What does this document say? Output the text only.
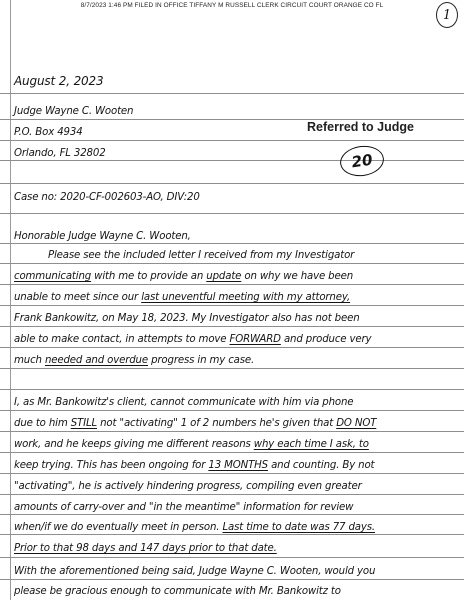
8/7/2023 1:46 PM FILED IN OFFICE TIFFANY M RUSSELL CLERK CIRCUIT COURT ORANGE CO FL
1
August 2, 2023
Judge Wayne C. Wooten
P.O. Box 4934
Orlando, FL 32802
Referred to Judge
20
Case no: 2020-CF-002603-AO, DIV:20
Honorable Judge Wayne C. Wooten,
Please see the included letter I received from my Investigator
communicating with me to provide an update on why we have been
unable to meet since our last uneventful meeting with my attorney,
Frank Bankowitz, on May 18, 2023. My Investigator also has not been
able to make contact, in attempts to move FORWARD and produce very
much needed and overdue progress in my case.
I, as Mr. Bankowitz's client, cannot communicate with him via phone
due to him STILL not "activating" 1 of 2 numbers he's given that DO NOT
work, and he keeps giving me different reasons why each time I ask, to
keep trying. This has been ongoing for 13 MONTHS and counting. By not
"activating", he is actively hindering progress, compiling even greater
amounts of carry-over and "in the meantime" information for review
when/if we do eventually meet in person. Last time to date was 77 days.
Prior to that 98 days and 147 days prior to that date.
With the aforementioned being said, Judge Wayne C. Wooten, would you
please be gracious enough to communicate with Mr. Bankowitz to
